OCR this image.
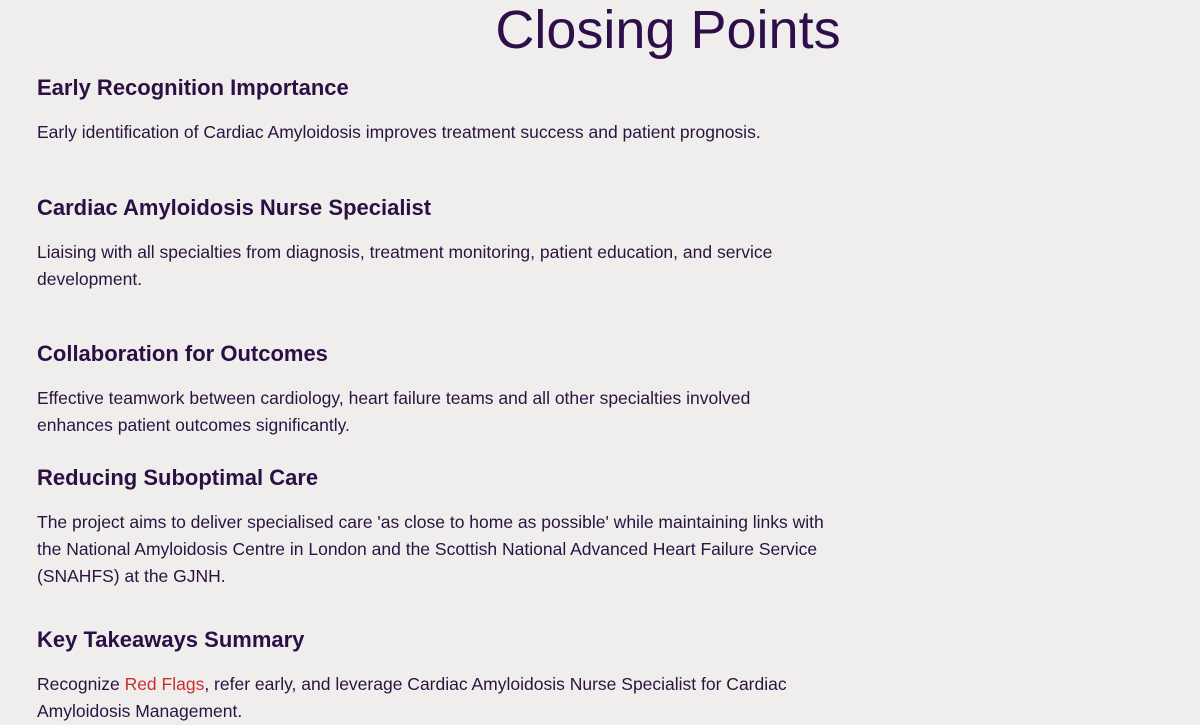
Closing Points
Early Recognition Importance

Early identification of Cardiac Amyloidosis improves treatment success and patient prognosis.

Cardiac Amyloidosis Nurse Specialist

Liaising with all specialties from diagnosis, treatment monitoring, patient education, and service development.

Collaboration for Outcomes

Effective teamwork between cardiology, heart failure teams and all other specialties involved enhances patient outcomes significantly.

Reducing Suboptimal Care

The project aims to deliver specialised care 'as close to home as possible' while maintaining links with the National Amyloidosis Centre in London and the Scottish National Advanced Heart Failure Service (SNAHFS) at the GJNH.

Key Takeaways Summary

Recognize Red Flags, refer early, and leverage Cardiac Amyloidosis Nurse Specialist for Cardiac Amyloidosis Management.
